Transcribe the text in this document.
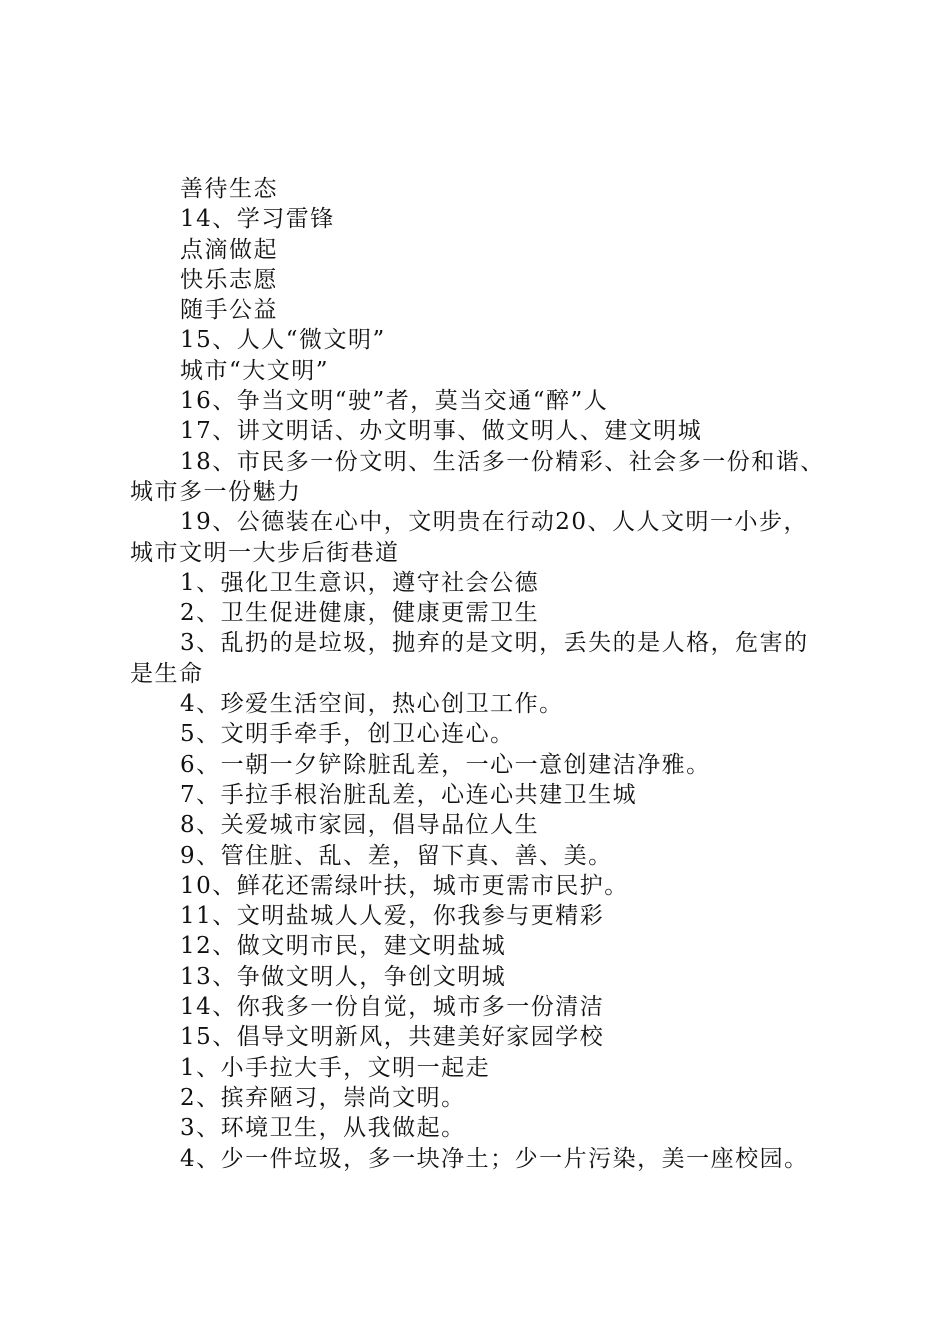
善待生态
14、学习雷锋
点滴做起
快乐志愿
随手公益
15、人人“微文明”
城市“大文明”
16、争当文明“驶”者，莫当交通“醉”人
17、讲文明话、办文明事、做文明人、建文明城
18、市民多一份文明、生活多一份精彩、社会多一份和谐、
城市多一份魅力
19、公德装在心中，文明贵在行动20、人人文明一小步，
城市文明一大步后街巷道
1、强化卫生意识，遵守社会公德
2、卫生促进健康，健康更需卫生
3、乱扔的是垃圾，抛弃的是文明，丢失的是人格，危害的
是生命
4、珍爱生活空间，热心创卫工作。
5、文明手牵手，创卫心连心。
6、一朝一夕铲除脏乱差，一心一意创建洁净雅。
7、手拉手根治脏乱差，心连心共建卫生城
8、关爱城市家园，倡导品位人生
9、管住脏、乱、差，留下真、善、美。
10、鲜花还需绿叶扶，城市更需市民护。
11、文明盐城人人爱，你我参与更精彩
12、做文明市民，建文明盐城
13、争做文明人，争创文明城
14、你我多一份自觉，城市多一份清洁
15、倡导文明新风，共建美好家园学校
1、小手拉大手，文明一起走
2、摈弃陋习，崇尚文明。
3、环境卫生，从我做起。
4、少一件垃圾，多一块净土；少一片污染，美一座校园。
